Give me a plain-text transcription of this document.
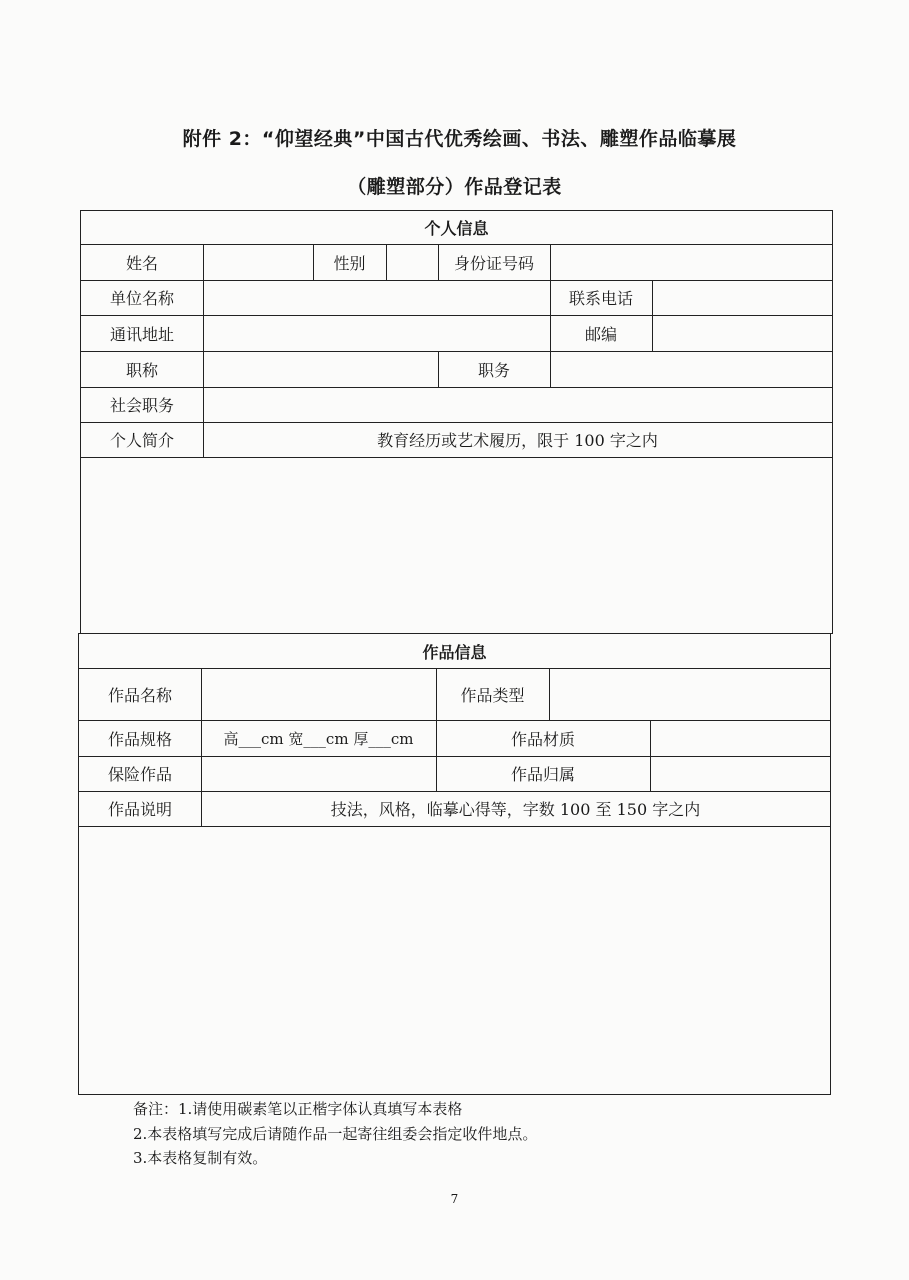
附件 2：“仰望经典”中国古代优秀绘画、书法、雕塑作品临摹展
（雕塑部分）作品登记表
个人信息
姓名	性别	身份证号码
单位名称	联系电话
通讯地址	邮编
职称	职务
社会职务
个人简介	教育经历或艺术履历，限于 100 字之内
作品信息
作品名称	作品类型
作品规格	高___cm 宽___cm 厚___cm	作品材质
保险作品	作品归属
作品说明	技法，风格，临摹心得等，字数 100 至 150 字之内
备注：1.请使用碳素笔以正楷字体认真填写本表格
2.本表格填写完成后请随作品一起寄往组委会指定收件地点。
3.本表格复制有效。
7
